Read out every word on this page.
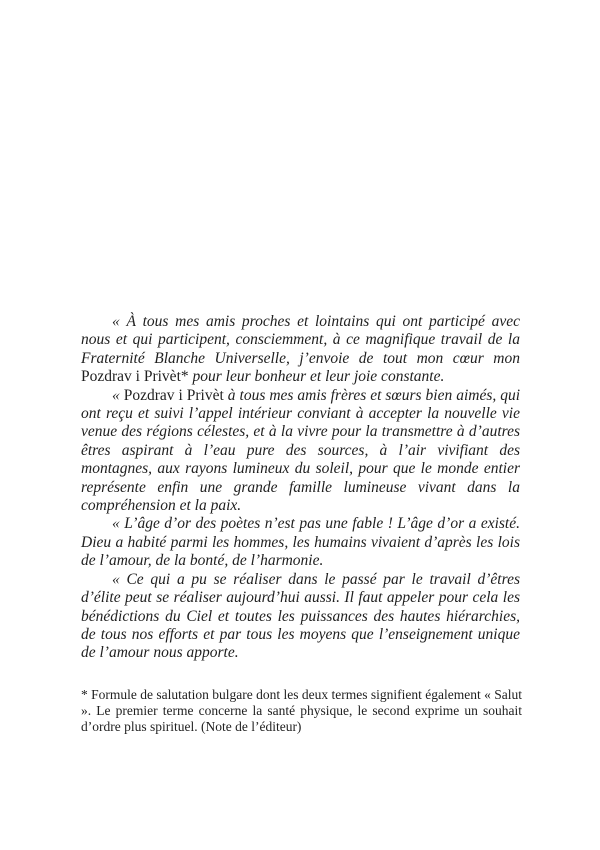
« À tous mes amis proches et lointains qui ont participé avec nous et qui participent, consciemment, à ce magnifique travail de la Fraternité Blanche Universelle, j’envoie de tout mon cœur mon Pozdrav i Privèt* pour leur bonheur et leur joie constante.

« Pozdrav i Privèt à tous mes amis frères et sœurs bien aimés, qui ont reçu et suivi l’appel intérieur conviant à accepter la nouvelle vie venue des régions célestes, et à la vivre pour la transmettre à d’autres êtres aspirant à l’eau pure des sources, à l’air vivifiant des montagnes, aux rayons lumineux du soleil, pour que le monde entier représente enfin une grande famille lumineuse vivant dans la compréhension et la paix.

« L’âge d’or des poètes n’est pas une fable ! L’âge d’or a existé. Dieu a habité parmi les hommes, les humains vivaient d’après les lois de l’amour, de la bonté, de l’harmonie.

« Ce qui a pu se réaliser dans le passé par le travail d’êtres d’élite peut se réaliser aujourd’hui aussi. Il faut appeler pour cela les bénédictions du Ciel et toutes les puissances des hautes hiérarchies, de tous nos efforts et par tous les moyens que l’enseignement unique de l’amour nous apporte.

* Formule de salutation bulgare dont les deux termes signifient également « Salut ». Le premier terme concerne la santé physique, le second exprime un souhait d’ordre plus spirituel. (Note de l’éditeur)
